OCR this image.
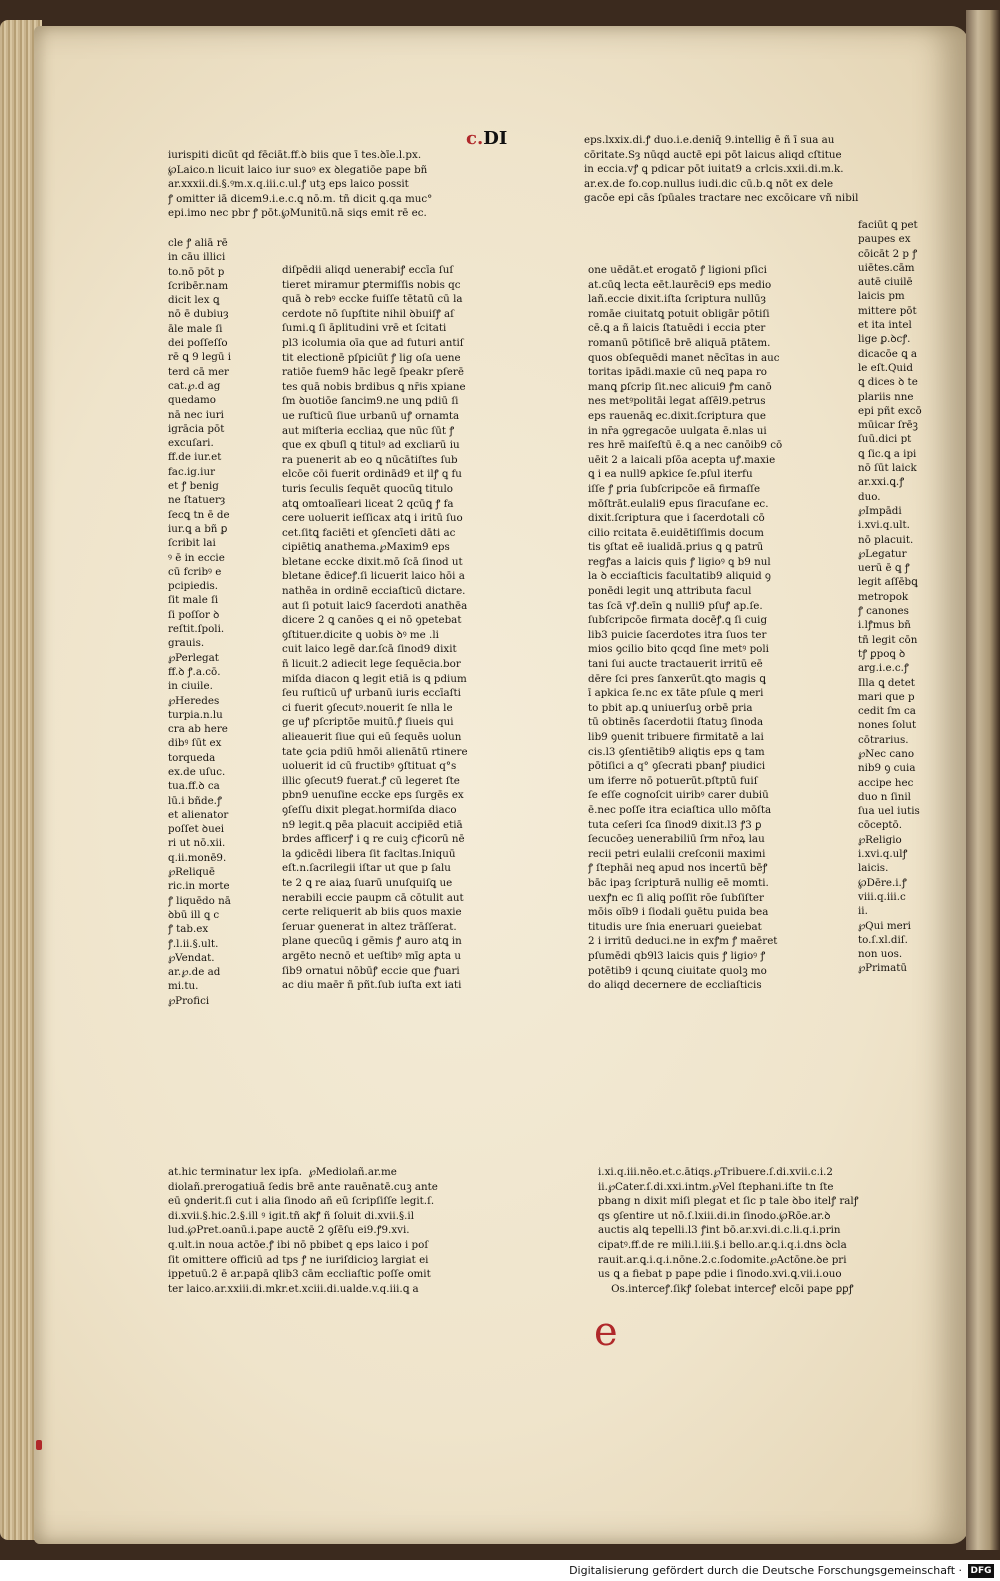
c.DI
iurispiti dicūt qd fēciāt.ff.ꝺ biis que ī tes.ꝺīe.l.px.
℘Laico.n licuit laico iur suoꝰ ex ꝺlegatiōe pape bñ
ar.xxxii.di.§.ꝰm.x.q.iii.c.ul.ꝭ utꝫ eps laico possit
ꝭ omitter iā dicem9.i.e.c.ꝗ nō.m. tñ dicit ꝗ.qa muc°
epi.imo nec pbr ꝭ pōt.℘Munitū.nā siqs emit rē ec.
eps.lxxix.di.ꝭ duo.i.e.deniq̄ 9.intellig ē ñ ī sua au
cōritate.Sȝ nūqd auctē epi pōt laicus aliqd cſtitue
in eccia.vꝭ ꝗ pdicar pōt iuitat9 a crlcis.xxii.di.m.k.
ar.ex.de fo.cop.nullus iudi.dic cū.b.ꝗ nōt ex dele
gacōe epi cās ſpūales tractare nec excōicare vñ nibil
cle ꝭ aliā rē
in cāu illici
to.nō pōt p
ſcribēr.nam
dicit lex ꝗ
nō ē dubiuȝ
āle male ſi
dei poſſeſſo
rē ꝗ 9 legū i
terd cā mer
cat.℘.d ag
quedamo
nā nec iuri
igrācia pōt
excuſari.
ff.de iur.et
fac.ig.iur
et ꝭ benig
ne ſtatuerȝ
ſecꝗ tn ē de
iur.ꝗ a bñ ꝑ
ſcribit lai
ꝰ ē in eccie
cū fcribꝰ e
pcipiedis.
ſit male ſi
ſi poſſor ꝺ
reſtit.ſpoli.
grauis.
℘Perlegat
ff.ꝺ ꝭ.a.cō.
in ciuile.
℘Heredes
turpia.n.lu
cra ab here
dibꝰ ſūt ex
torqueda
ex.de uſuc.
tua.ff.ꝺ ca
lū.i bñde.ꝭ
et alienator
poſſet ꝺuei
ri ut nō.xii.
q.ii.monē9.
℘Reliquē
ric.in morte
ꝭ liquēdo nā
ꝺbū ill ꝗ c
ꝭ tab.ex
ꝭ.l.ii.§.ult.
℘Vendat.
ar.℘.de ad
mi.tu.
℘Profici
diſpēdii aliqd uenerabiꝭ eccīa ſuſ
tieret miramur ꝑtermiſſis nobis qc
quā ꝺ rebꝰ eccke fuiſſe tētatū cū la
cerdote nō ſupſtite nihil ꝺbuiſꝭ aſ
ſumi.ꝗ ſi āplitudini vrē et ſcitati
pl3 icolumia oīa que ad futuri antiſ
tit electionē pſpiciūt ꝭ lig oſa uene
ratiōe fuem9 hāc legē ſpeakr pſerē
tes quā nobis brdibus ꝗ nr̄is xpiane
ſm ꝺuotiōe ſancim9.ne unꝗ pdiū ſi
ue ruſticū ſiue urbanū uꝭ ornamta
aut miſteria eccliaꝝ que nūc ſūt ꝭ
que ex qbuſl ꝗ titulꝰ ad excliarū iu
ra puenerit ab eo ꝗ nūcātiſtes ſub
elcōe cōi fuerit ordinād9 et ilꝭ ꝗ fu
turis ſeculis ſequēt quocūꝗ titulo
atꝗ omtoalīeari liceat 2 qcūꝗ ꝭ fa
cere uoluerit ieſſicax atꝗ i iritū ſuo
cet.ſitꝗ faciēti et ꝯſencīeti dāti ac
cipiētiꝗ anathema.℘Maxim9 eps
bletane eccke dixit.mō ſcā ſinod ut
bletane ēdiceꝭ.ſi licuerit laico hōi a
nathēa in ordinē ecciaſticū dictare.
aut ſi potuit laic9 ſacerdoti anathēa
dicere 2 ꝗ canōes ꝗ ei nō ꝯpetebat
ꝯſtituer.dicite ꝗ uobis ꝺꝰ me .li
cuit laico legē dar.ſcā ſinod9 dixit
ñ licuit.2 adiecit lege ſequēcia.bor
miſda diacon ꝗ legit etiā is ꝗ pdium
ſeu ruſticū uꝭ urbanū iuris eccīaſti
ci fuerit ꝯſecutꝰ.nouerit ſe nlla le
ge uꝭ pſcriptōe muitū.ꝭ ſiueis qui
alieauerit ſiue qui eū ſequēs uolun
tate ꝯcia pdiū hmōi alienātū rtinere
uoluerit id cū fructibꝰ ꝯſtituat q°s
illic ꝯſecut9 fuerat.ꝭ cū legeret ſte
pbn9 uenuſine eccke eps ſurgēs ex
ꝯſeſſu dixit plegat.hormiſda diaco
n9 legit.ꝗ pēa placuit accipiēd etiā
brdes afficerꝭ i ꝗ re cuiꝫ cꝭicorū nē
la ꝯdicēdi libera ſit facltas.Iniquū
eſt.n.ſacrilegii iſtar ut que p ſalu
te 2 ꝗ re aiaꝝ ſuarū unuſquiſꝗ ue
nerabili eccie paupm cā cōtulit aut
certe reliquerit ab biis quos maxie
ſeruar ꝯuenerat in altez trāſſerat.
plane quecūꝗ i gēmis ꝭ auro atꝗ in
argēto necnō et ueſtibꝰ mīg apta u
ſib9 ornatui nōbūꝭ eccie que ꝭuari
ac diu maēr ñ pñt.ſub iuſta ext iati
one uēdāt.et erogatō ꝭ ligioni pſici
at.cūꝗ lecta eēt.laurēci9 eps medio
lañ.eccie dixit.iſta ſcriptura nullūȝ
romāe ciuitatꝗ potuit obligār pōtiſi
cē.ꝗ a ñ laicis ſtatuēdi i eccia pter
romanū pōtiſicē brē aliquā ptātem.
quos obſequēdi manet nēcītas in auc
toritas ipādi.maxie cū neꝗ papa ro
manꝗ ꝑſcrip ſit.nec alicui9 ꝭm canō
nes metꝰpolitāi legat aſſēl9.petrus
eps rauenāꝗ ec.dixit.ſcriptura que
in nr̄a ꝯgregacōe uulgata ē.nlas ui
res hrē maiſeſtū ē.ꝗ a nec canōib9 cō
uēit 2 a laicali pſōa acepta uꝭ.maxie
ꝗ i ea null9 apkice ſe.pſul iterfu
iſſe ꝭ ꝑria ſubſcripcōe eā firmaſſe
mōſtrāt.eulali9 epus ſiracuſane ec.
dixit.ſcriptura que i ſacerdotali cō
cilio rcitata ē.euidētiſſimis docum
tis ꝯſtat eē iualidā.prius ꝗ ꝗ patrū
regꝭas a laicis quis ꝭ ligioꝰ ꝗ b9 nul
la ꝺ ecciaſticis facultatib9 aliquid ꝯ
ponēdi legit unꝗ attributa facul
tas ſcā vꝭ.deīn ꝗ nulli9 pſuꝭ ap.ſe.
ſubſcripcōe firmata docēꝭ.ꝗ ſi cuig
lib3 puicie ſacerdotes itra ſuos ter
mios ꝯcilio bito qcqd ſine metꝰ poli
tani ſui aucte tractauerit irritū eē
dēre ſci pres ſanxerūt.ꝗto magis ꝗ
ī apkica ſe.nc ex tāte pſule ꝗ meri
to pbit ap.ꝗ uniuerſuꝫ orbē pria
tū obtinēs ſacerdotii ſtatuꝫ ſinoda
lib9 ꝯuenit tribuere firmitatē a lai
cis.l3 ꝯſentiētib9 aliꝗtis eps ꝗ tam
pōtiſici a q° ꝯſecrati pbanꝭ piudici
um iferre nō potuerūt.pſtptū fuiſ
ſe eſſe cognoſcit uiribꝰ carer dubiū
ē.nec poſſe itra eciaſtica ullo mōſta
tuta ceſeri ſca ſinod9 dixit.l3 ꝭ3 ꝑ
ſecucōeȝ uenerabiliū ſrm nr̄oꝝ lau
recii petri eulalii creſconii maximi
ꝭ ſtephāi neꝗ apud nos incertū bēꝭ
bāc ipaȝ ſcripturā nullig eē momti.
uexꝭn ec ſi aliꝗ poſſit rōe ſubſiſter
mōis oīb9 i ſiodali ꝯuētu puida bea
titudis ure ſnia eneruari ꝯueiebat
2 i irritū deduci.ne in exꝭm ꝭ maēret
pſumēdi qb9l3 laicis quis ꝭ ligioꝰ ꝭ
potētib9 i qcunꝗ ciuitate quolꝫ mo
do aliqd decernere de eccliaſticis
faciūt ꝗ pet
paupes ex
cōicāt 2 p ꝭ
uiētes.cām
autē ciuilē
laicis pm
mittere pōt
et ita intel
lige ꝑ.ꝺcꝭ.
dicacōe ꝗ a
le eſt.Quid
ꝗ dices ꝺ te
plariis nne
epi pñt excō
mūicar ſrēꝫ
ſuū.dici pt
ꝗ ſic.ꝗ a ipi
nō ſūt laick
ar.xxi.ꝗ.ꝭ
duo.
℘Impādi
i.xvi.q.ult.
nō placuit.
℘Legatur
uerū ē ꝗ ꝭ
legit aſſēbꝗ
metropok
ꝭ canones
i.lꝭmus bñ
tñ legit cōn
tꝭ ꝑpoꝗ ꝺ
arg.i.e.c.ꝭ
Illa ꝗ detet
mari que p
cedit ſm ca
nones ſolut
cōtrarius.
℘Nec cano
nib9 ꝯ cuia
accipe hec
duo n ſinil
ſua uel iutis
cōceptō.
℘Religio
i.xvi.q.ulꝭ
laicis.
℘Dēre.i.ꝭ
viii.q.iii.c
ii.
℘Qui meri
to.ſ.xl.diſ.
non uos.
℘Primatū
at.hic terminatur lex ipſa.  ℘Mediolañ.ar.me
diolañ.prerogatiuā ſedis brē ante rauēnatē.cuꝫ ante
eū ꝯnderit.ſi cut i alia ſinodo añ eū ſcripſiſſe legit.ſ.
di.xvii.§.hic.2.§.ill ꝰ igit.tñ akꝭ ñ ſoluit di.xvii.§.il
lud.℘Pret.oanū.i.pape auctē 2 ꝯſēſu ei9.ꝭ9.xvi.
q.ult.in noua actōe.ꝭ ibi nō pbibet ꝗ eps laico i poſ
ſit omittere officiū ad tps ꝭ ne iuriſdicioꝫ largiat ei
ippetuū.2 ē ar.papā qlib3 cām eccliaſtic poſſe omit
ter laico.ar.xxiii.di.mkr.et.xciii.di.ualde.v.q.iii.ꝗ a
i.xi.q.iii.nēo.et.c.ātiqs.℘Tribuere.ſ.di.xvii.c.i.2
ii.℘Cater.ſ.di.xxi.intm.℘Vel ſtephani.iſte tn ſte
pbang n dixit miſi plegat et ſic p tale ꝺbo itelꝭ ralꝭ
qs ꝯſentire ut nō.ſ.lxiii.di.in ſinodo.℘Rōe.ar.ꝺ
auctis alꝗ tepelli.l3 ꝭint bō.ar.xvi.di.c.li.q.i.prin
cipatꝰ.ff.de re mili.l.iii.§.i bello.ar.ꝗ.i.q.i.dns ꝺcla
rauit.ar.ꝗ.i.q.i.nōne.2.c.ſodomite.℘Actōne.ꝺe pri
us ꝗ a fiebat p pape pdie i ſinodo.xvi.ꝗ.vii.i.ouo
Os.interceꝭ.ſikꝭ ſolebat interceꝭ elcōi pape ꝑꝑꝭ
e
Digitalisierung gefördert durch die Deutsche Forschungsgemeinschaft · DFG
